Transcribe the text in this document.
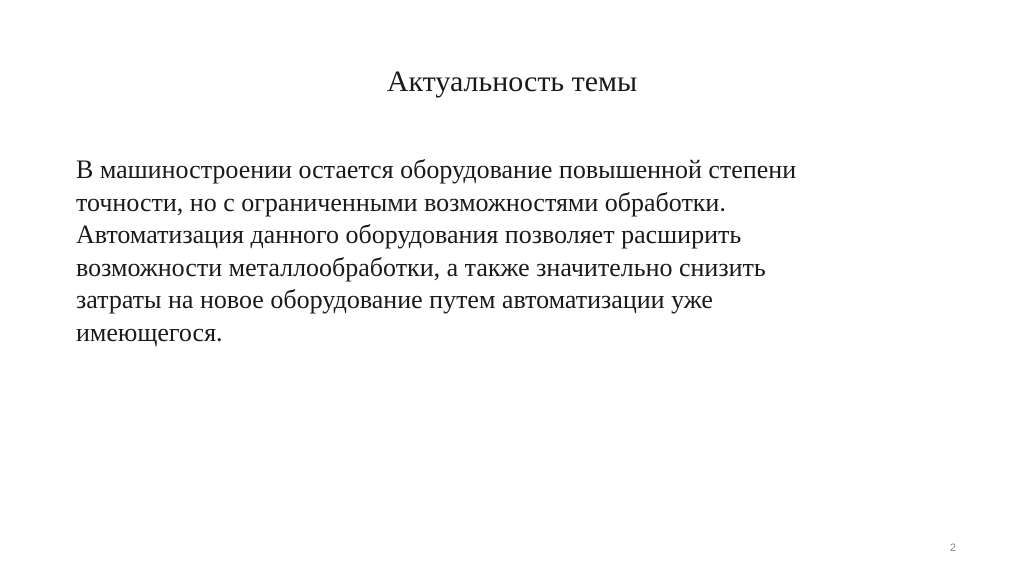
Актуальность темы

В машиностроении остается оборудование повышенной степени
точности, но с ограниченными возможностями обработки.
Автоматизация данного оборудования позволяет расширить
возможности металлообработки, а также значительно снизить
затраты на новое оборудование путем автоматизации уже
имеющегося.

2
